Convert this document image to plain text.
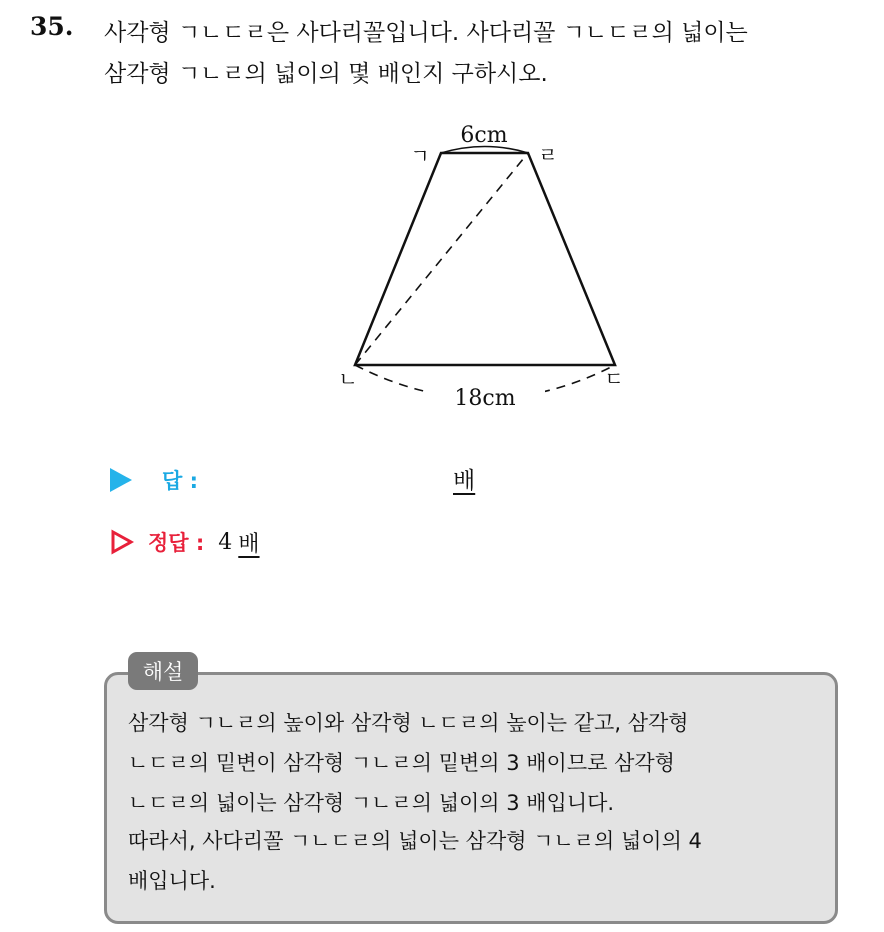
35. 사각형 ㄱㄴㄷㄹ은 사다리꼴입니다. 사다리꼴 ㄱㄴㄷㄹ의 넓이는
삼각형 ㄱㄴㄹ의 넓이의 몇 배인지 구하시오.
6cm
18cm
ㄱ	ㄹ
ㄴ	ㄷ
답 :	배
정답 : 4 배
해설
삼각형 ㄱㄴㄹ의 높이와 삼각형 ㄴㄷㄹ의 높이는 같고, 삼각형
ㄴㄷㄹ의 밑변이 삼각형 ㄱㄴㄹ의 밑변의 3 배이므로 삼각형
ㄴㄷㄹ의 넓이는 삼각형 ㄱㄴㄹ의 넓이의 3 배입니다.
따라서, 사다리꼴 ㄱㄴㄷㄹ의 넓이는 삼각형 ㄱㄴㄹ의 넓이의 4
배입니다.
